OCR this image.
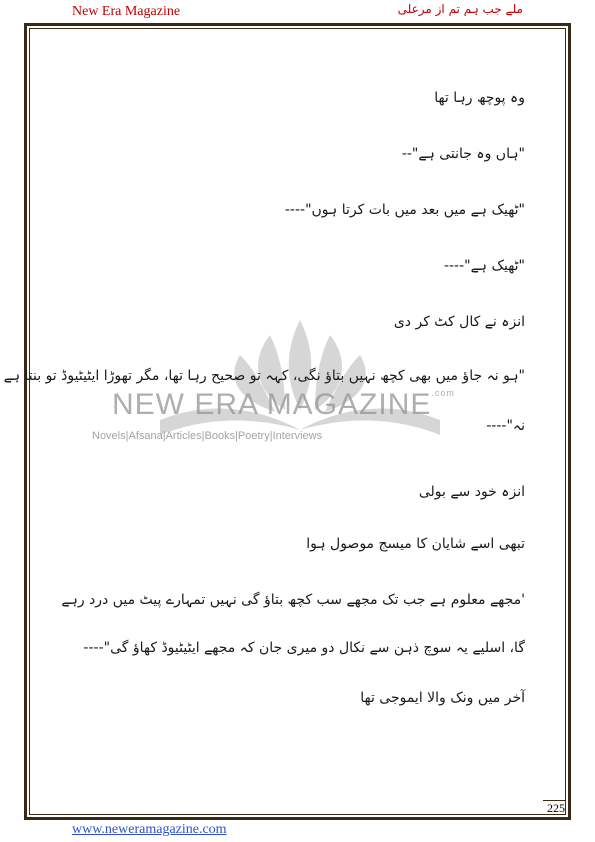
New Era Magazine	ملے جب ہم تم از مرعلی
NEW ERA $MAGAZINE^{.com}$
Novels|Afsana|Articles|Books|Poetry|Interviews
وہ پوچھ رہا تھا
"ہاں وہ جانتی ہے"--
"ٹھیک ہے میں بعد میں بات کرتا ہوں"----
"ٹھیک ہے"----
انزہ نے کال کٹ کر دی
"ہو نہ جاؤ میں بھی کچھ نہیں بتاؤ نگی، کہہ تو صحیح رہا تھا، مگر تھوڑا ایٹیٹیوڈ تو بنتا ہے
نہ"----
انزہ خود سے بولی
تبھی اسے شایان کا میسج موصول ہوا
'مجھے معلوم ہے جب تک مجھے سب کچھ بتاؤ گی نہیں تمہارے پیٹ میں درد رہے
گا، اسلیے یہ سوچ ذہن سے نکال دو میری جان کہ مجھے ایٹیٹیوڈ کھاؤ گی"----
آخر میں ونک والا ایموجی تھا
225
www.neweramagazine.com
